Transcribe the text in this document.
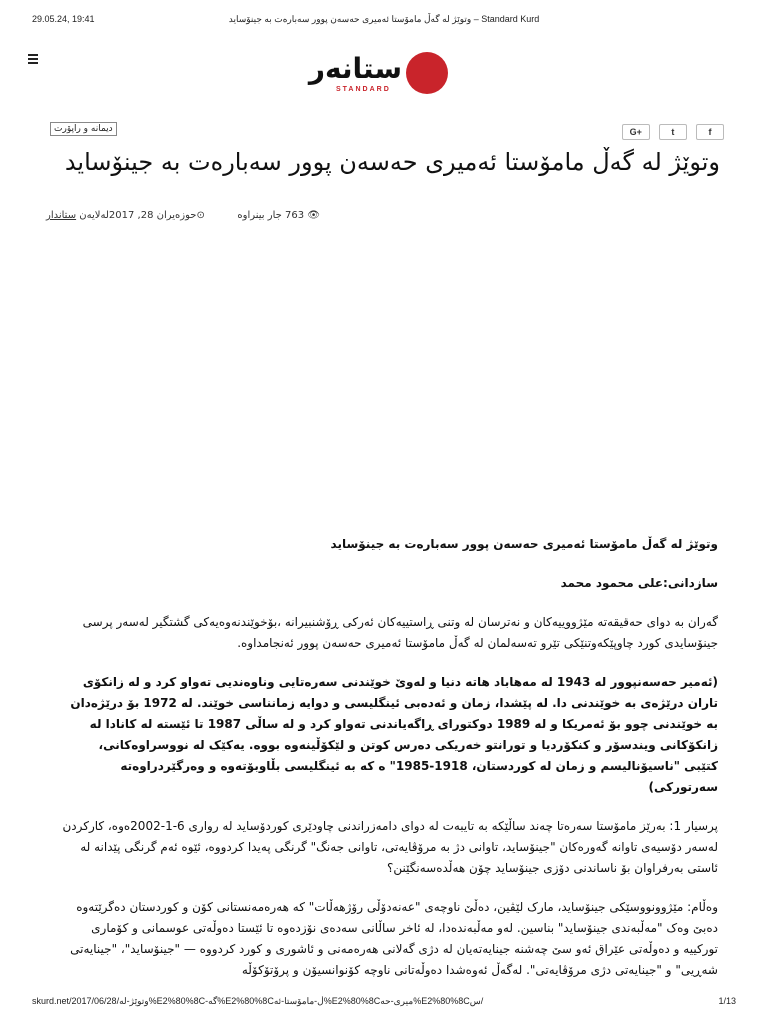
29.05.24, 19:41	وتوێژ لە گەڵ مامۆستا ئەمیری حەسەن پوور سەبارەت بە جینۆساید – Standard Kurd
ستانەر
STANDARD
دیمانە و راپۆرت	G+	t	f
وتوێژ لە گەڵ مامۆستا ئەمیری حەسەن پوور سەبارەت بە جینۆساید
👁 763 جار بینراوە
⊙حوزەیران 28, 2017لەلایەن ستاندار

وتوێژ لە گەڵ مامۆستا ئەمیری حەسەن پوور سەبارەت بە جینۆساید

سازدانی:علی محمود محمد

گەران بە دوای حەقیقەتە مێژووییەکان و نەترسان لە وتنی ڕاستییەکان ئەرکی ڕۆشنبیرانە ،بۆخوێندنەوەیەکی گشتگیر لەسەر پرسی جینۆسایدی کورد چاوپێکەوتنێکی تێرو تەسەلمان لە گەڵ مامۆستا ئەمیری حەسەن پوور ئەنجامداوە.

(ئەمیر حەسەنپوور لە 1943 لە مەهاباد هاتە دنیا و لەوێ خوێندنی سەرەتایی وناوەندیی تەواو کرد و لە زانکۆی تاران درێژەی بە خوێندنی دا. لە پێشدا، زمان و ئەدەبی ئینگلیسی و دوایە زمانناسی خوێند. لە 1972 بۆ درێژەدان بە خوێندنی چوو بۆ ئەمریکا و لە 1989 دوکتورای ڕاگەیاندنی تەواو کرد و لە ساڵی 1987 تا ئێستە لە کانادا لە زانکۆکانی ویندسۆر و کنکۆردیا و تورانتو خەریکی دەرس کوتن و لێکۆڵینەوە بووە. یەکێک لە نووسراوەکانی، کتێبی "ناسیۆنالیسم و زمان لە کوردستان، 1918-1985" ە کە بە ئینگلیسی بڵاوبۆتەوە و وەرگێردراوەتە سەرتورکی)

پرسیار 1: بەرێز مامۆستا سەرەتا چەند ساڵێکە بە تایبەت لە دوای دامەزراندنی چاودێری کوردۆساید لە رواری 6-1-2002ەوە، کارکردن لەسەر دۆسیەی تاوانە گەورەکان "جینۆساید، تاوانی دژ بە مرۆڤایەتی، تاوانی جەنگ" گرنگی پەیدا کردووە، ئێوە ئەم گرنگی پێدانە لە ئاستی بەرفراوان بۆ ناساندنی دۆزی جینۆساید چۆن هەڵدەسەنگێنن؟

وەڵام: مێژوونووسێکی جینۆساید، مارک لێڤین، دەڵێ ناوچەی "عەنەدۆڵی رۆژهەڵات" کە هەرەمەنستانی کۆن و کوردستان دەگرێتەوە دەبێ وەک "مەڵبەندی جینۆساید" بناسین. لەو مەڵبەندەدا، لە ئاخر ساڵانی سەدەی نۆزدەوە تا ئێستا دەوڵەتی عوسمانی و کۆماری تورکییە و دەوڵەتی عێراق ئەو سێ چەشنە جینایەتەیان لە دژی گەلانی هەرەمەنی و ئاشوری و کورد کردووە — "جینۆساید"، "جینایەتی شەڕیی" و "جینایەتی دژی مرۆڤایەتی". لەگەڵ ئەوەشدا دەوڵەتانی ناوچە کۆنوانسیۆن و پرۆتۆکۆڵە

skurd.net/2017/06/28/وتوێژ-لە%E2%80%8C-گە%E2%80%8Cڵ-مامۆستا-ئە%E2%80%8Cمیری-حە%E2%80%8Cس/	1/13
